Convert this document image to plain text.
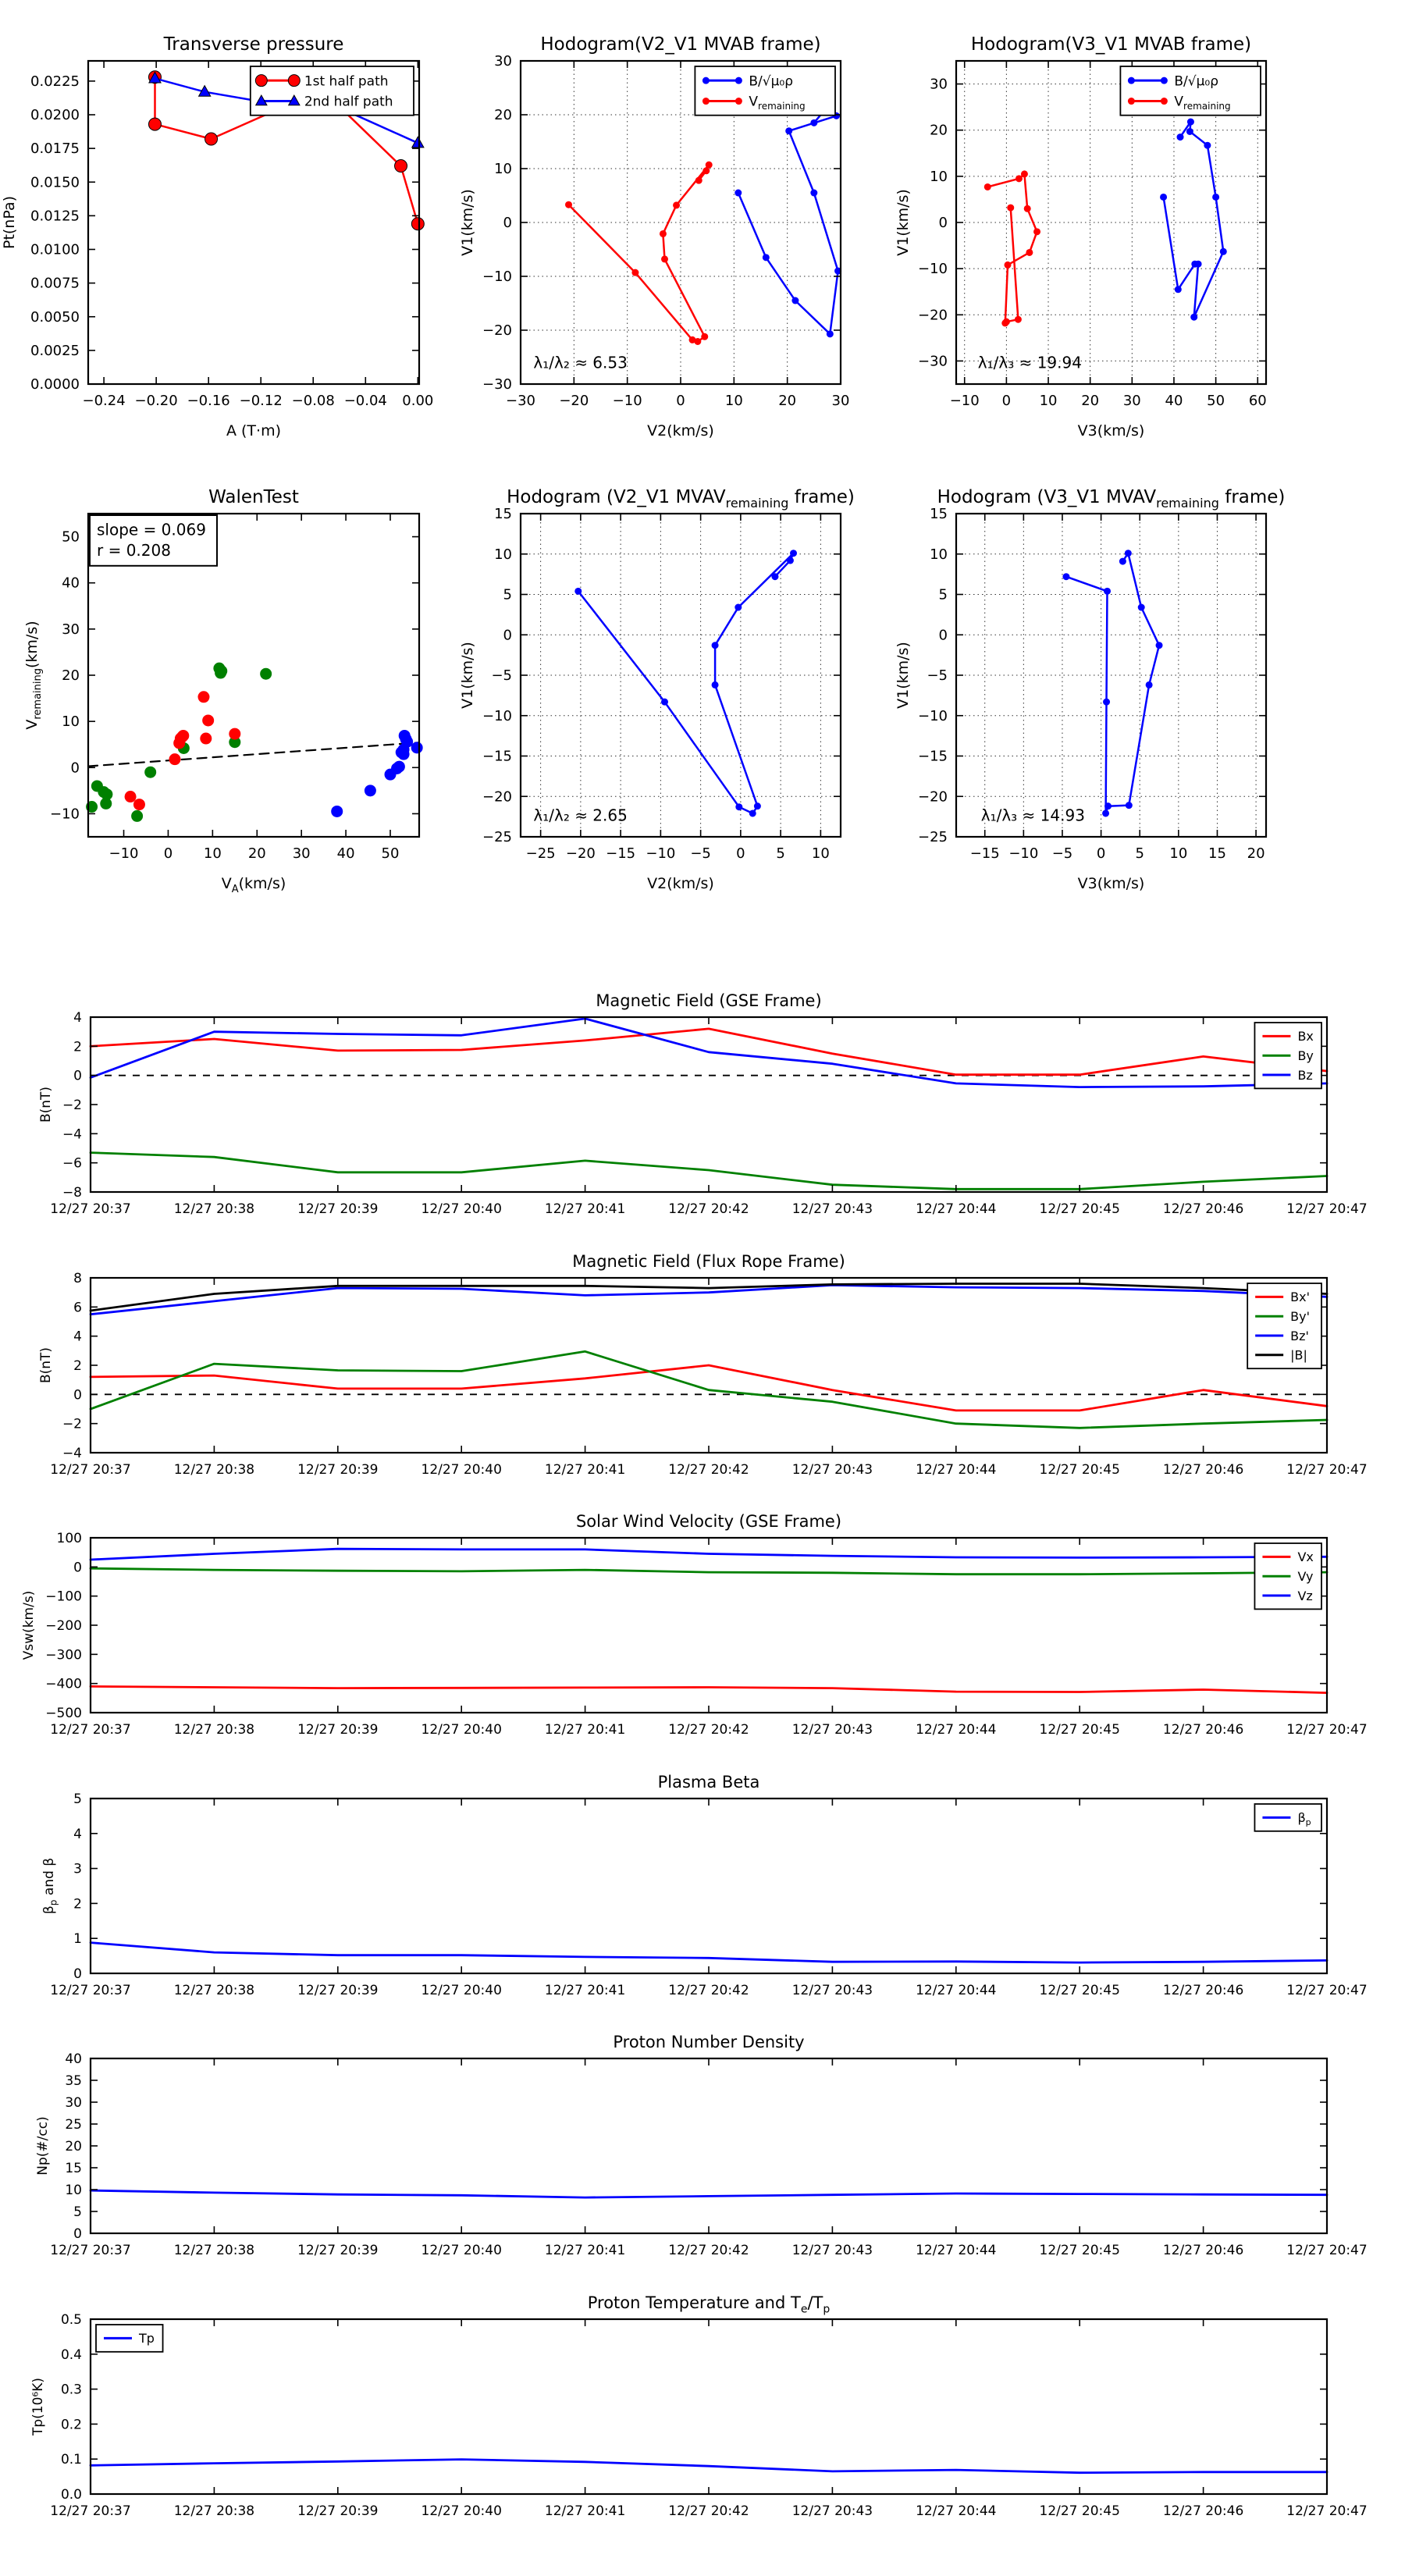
−0.24 −0.20 −0.16 −0.12 −0.08 −0.04 0.00
0.0000
0.0025
0.0050
0.0075
0.0100
0.0125
0.0150
0.0175
0.0200
0.0225
Transverse pressure
A (T·m)
Pt(nPa)
1st half path
2nd half path
−30 −20 −10 0	10	20	30
−30
−20
−10
0
10
20
30
Hodogram(V2_V1 MVAB frame)
V2(km/s)
V1(km/s)
λ₁/λ₂ ≈ 6.53
B/√μ₀ρ
$V_{remaining}$
−10 0 10 20 30 40 50 60
−30
−20
−10
0
10
20
30
Hodogram(V3_V1 MVAB frame)
V3(km/s)
V1(km/s)
λ₁/λ₃ ≈ 19.94
B/√μ₀ρ
$V_{remaining}$
−10 0 10 20 30 40 50
−10
0
10
20
30
40
50
WalenTest
$V_A(km/s)$
$V_{remaining}(km/s)$
slope = 0.069
r = 0.208
−25 −20 −15 −10 −5 0 5 10
−25
−20
−15
−10
−5
0
5
10
15
Hodogram (V2_V1 $MVAV_{remaining}$ frame)
V2(km/s)
V1(km/s)
λ₁/λ₂ ≈ 2.65
−15 −10 −5 0 5 10 15 20
−25
−20
−15
−10
−5
0
5
10
15
Hodogram (V3_V1 $MVAV_{remaining}$ frame)
V3(km/s)
V1(km/s)
λ₁/λ₃ ≈ 14.93
12/27 20:37	12/27 20:38	12/27 20:39	12/27 20:40	12/27 20:41	12/27 20:42	12/27 20:43	12/27 20:44	12/27 20:45	12/27 20:46	12/27 20:47
4
2
0
−2
−4
−6
−8
Magnetic Field (GSE Frame)
B(nT)
Bx
By
Bz
12/27 20:37	12/27 20:38	12/27 20:39	12/27 20:40	12/27 20:41	12/27 20:42	12/27 20:43	12/27 20:44	12/27 20:45	12/27 20:46	12/27 20:47
8
6
4
2
0
−2
−4
Magnetic Field (Flux Rope Frame)
B(nT)
Bx'
By'
Bz'
|B|
12/27 20:37	12/27 20:38	12/27 20:39	12/27 20:40	12/27 20:41	12/27 20:42	12/27 20:43	12/27 20:44	12/27 20:45	12/27 20:46	12/27 20:47
100
0
−100
−200
−300
−400
−500
Solar Wind Velocity (GSE Frame)
Vsw(km/s)
Vx
Vy
Vz
12/27 20:37	12/27 20:38	12/27 20:39	12/27 20:40	12/27 20:41	12/27 20:42	12/27 20:43	12/27 20:44	12/27 20:45	12/27 20:46	12/27 20:47
5
4
3
2
1
0
Plasma Beta
$\beta_p$ and β
$\beta_p$
12/27 20:37	12/27 20:38	12/27 20:39	12/27 20:40	12/27 20:41	12/27 20:42	12/27 20:43	12/27 20:44	12/27 20:45	12/27 20:46	12/27 20:47
40
35
30
25
20
15
10
5
0
Proton Number Density
Np(#/cc)
12/27 20:37	12/27 20:38	12/27 20:39	12/27 20:40	12/27 20:41	12/27 20:42	12/27 20:43	12/27 20:44	12/27 20:45	12/27 20:46	12/27 20:47
0.5
0.4
0.3
0.2
0.1
0.0
Proton Temperature and $T_e/T_p$
Tp(10⁶K)
Tp
